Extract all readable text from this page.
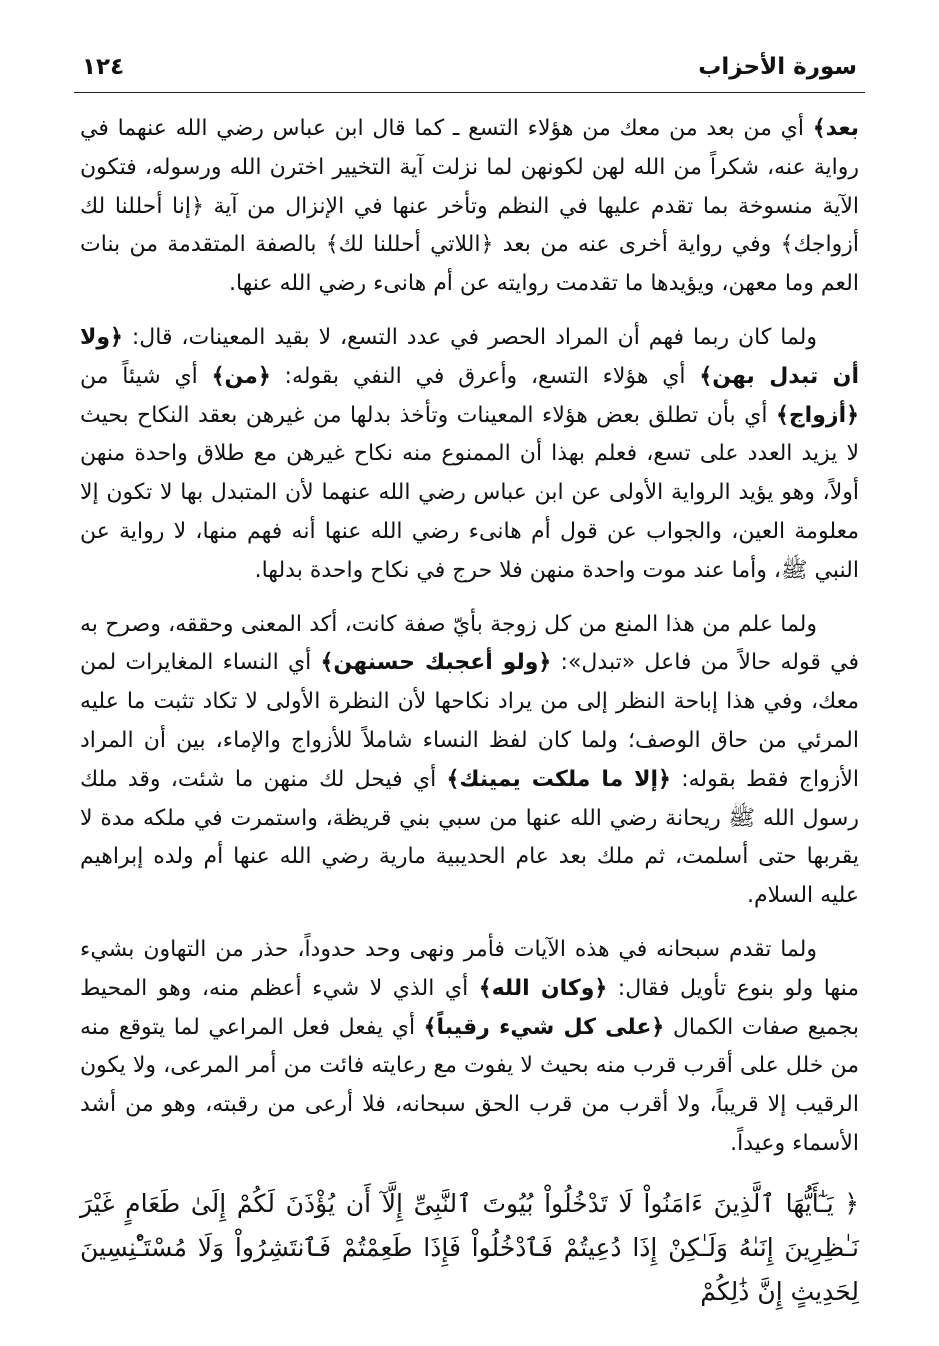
سورة الأحزاب
١٢٤

بعد﴾ أي من بعد من معك من هؤلاء التسع ـ كما قال ابن عباس رضي الله عنهما في رواية عنه، شكراً من الله لهن لكونهن لما نزلت آية التخيير اخترن الله ورسوله، فتكون الآية منسوخة بما تقدم عليها في النظم وتأخر عنها في الإنزال من آية ﴿إنا أحللنا لك أزواجك﴾ وفي رواية أخرى عنه من بعد ﴿اللاتي أحللنا لك﴾ بالصفة المتقدمة من بنات العم وما معهن، ويؤيدها ما تقدمت روايته عن أم هانىء رضي الله عنها.

ولما كان ربما فهم أن المراد الحصر في عدد التسع، لا بقيد المعينات، قال: ﴿ولا أن تبدل بهن﴾ أي هؤلاء التسع، وأعرق في النفي بقوله: ﴿من﴾ أي شيئاً من ﴿أزواج﴾ أي بأن تطلق بعض هؤلاء المعينات وتأخذ بدلها من غيرهن بعقد النكاح بحيث لا يزيد العدد على تسع، فعلم بهذا أن الممنوع منه نكاح غيرهن مع طلاق واحدة منهن أولاً، وهو يؤيد الرواية الأولى عن ابن عباس رضي الله عنهما لأن المتبدل بها لا تكون إلا معلومة العين، والجواب عن قول أم هانىء رضي الله عنها أنه فهم منها، لا رواية عن النبي ﷺ، وأما عند موت واحدة منهن فلا حرج في نكاح واحدة بدلها.

ولما علم من هذا المنع من كل زوجة بأيّ صفة كانت، أكد المعنى وحققه، وصرح به في قوله حالاً من فاعل «تبدل»: ﴿ولو أعجبك حسنهن﴾ أي النساء المغايرات لمن معك، وفي هذا إباحة النظر إلى من يراد نكاحها لأن النظرة الأولى لا تكاد تثبت ما عليه المرئي من حاق الوصف؛ ولما كان لفظ النساء شاملاً للأزواج والإماء، بين أن المراد الأزواج فقط بقوله: ﴿إلا ما ملكت يمينك﴾ أي فيحل لك منهن ما شئت، وقد ملك رسول الله ﷺ ريحانة رضي الله عنها من سبي بني قريظة، واستمرت في ملكه مدة لا يقربها حتى أسلمت، ثم ملك بعد عام الحديبية مارية رضي الله عنها أم ولده إبراهيم عليه السلام.

ولما تقدم سبحانه في هذه الآيات فأمر ونهى وحد حدوداً، حذر من التهاون بشيء منها ولو بنوع تأويل فقال: ﴿وكان الله﴾ أي الذي لا شيء أعظم منه، وهو المحيط بجميع صفات الكمال ﴿على كل شيء رقيباً﴾ أي يفعل فعل المراعي لما يتوقع منه من خلل على أقرب قرب منه بحيث لا يفوت مع رعايته فائت من أمر المرعى، ولا يكون الرقيب إلا قريباً، ولا أقرب من قرب الحق سبحانه، فلا أرعى من رقبته، وهو من أشد الأسماء وعيداً.

﴿ يَـٰٓأَيُّهَا ٱلَّذِينَ ءَامَنُواْ لَا تَدْخُلُواْ بُيُوتَ ٱلنَّبِىِّ إِلَّآ أَن يُؤْذَنَ لَكُمْ إِلَىٰ طَعَامٍ غَيْرَ نَـٰظِرِينَ إِنَىٰهُ وَلَـٰكِنْ إِذَا دُعِيتُمْ فَٱدْخُلُواْ فَإِذَا طَعِمْتُمْ فَٱنتَشِرُواْ وَلَا مُسْتَـْٔنِسِينَ لِحَدِيثٍ إِنَّ ذَٰلِكُمْ
